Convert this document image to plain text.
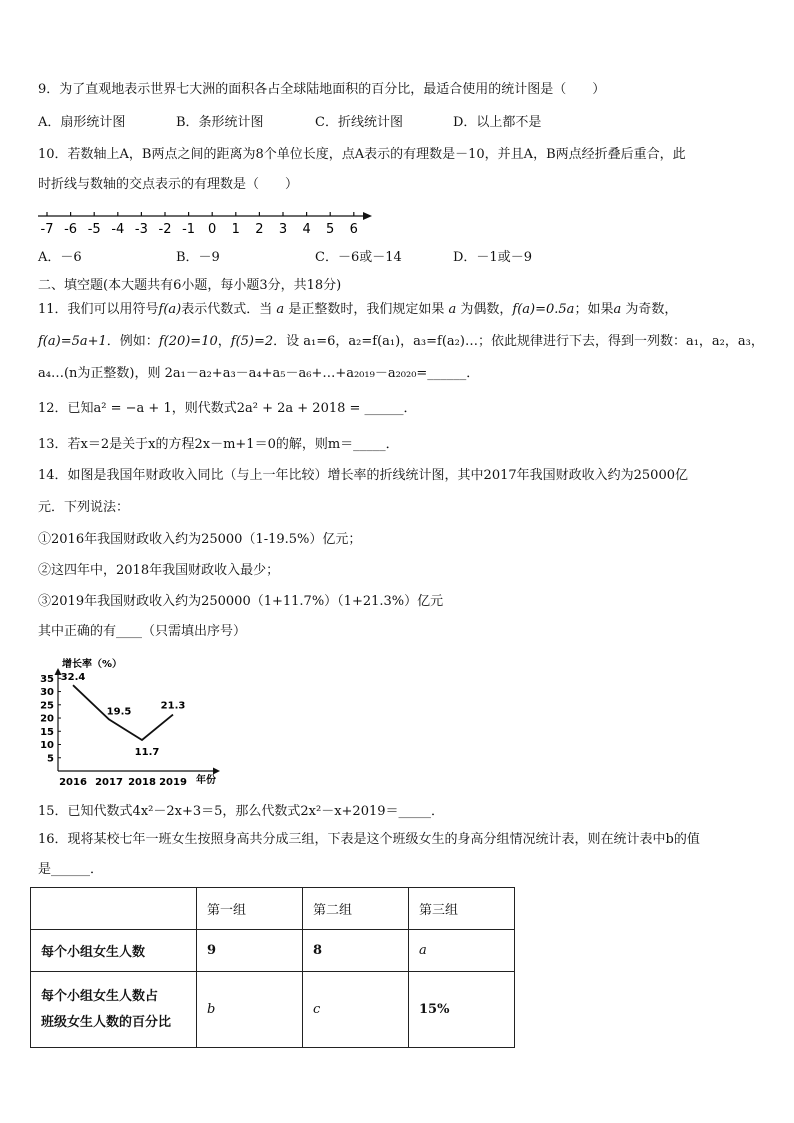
9．为了直观地表示世界七大洲的面积各占全球陆地面积的百分比，最适合使用的统计图是（　　）
A．扇形统计图	B．条形统计图	C．折线统计图	D．以上都不是
10．若数轴上A，B两点之间的距离为8个单位长度，点A表示的有理数是－10，并且A，B两点经折叠后重合，此
时折线与数轴的交点表示的有理数是（　　）
-7 -6 -5 -4 -3 -2 -1 0 1 2 3 4 5 6
A．－6	B．－9	C．－6或－14	D．－1或－9
二、填空题(本大题共有6小题，每小题3分，共18分)
11．我们可以用符号f(a)表示代数式．当 a 是正整数时，我们规定如果 a 为偶数，f(a)=0.5a；如果a 为奇数，
f(a)=5a+1．例如：f(20)=10，f(5)=2．设 a₁=6，a₂=f(a₁)，a₃=f(a₂)…；依此规律进行下去，得到一列数：a₁，a₂，a₃，
a₄…(n为正整数)，则 2a₁－a₂+a₃－a₄+a₅－a₆+…+a₂₀₁₉－a₂₀₂₀=______．
12．已知a² = −a + 1，则代数式2a² + 2a + 2018 = ______．
13．若x＝2是关于x的方程2x－m+1＝0的解，则m＝_____．
14．如图是我国年财政收入同比（与上一年比较）增长率的折线统计图，其中2017年我国财政收入约为25000亿
元．下列说法：
①2016年我国财政收入约为25000（1-19.5%）亿元；
②这四年中，2018年我国财政收入最少；
③2019年我国财政收入约为250000（1+11.7%）（1+21.3%）亿元
其中正确的有____（只需填出序号）
增长率（%）
年份
5
10
15
20
25
30
35
2016 2017 2018 2019
32.4
19.5
11.7
21.3
15．已知代数式4x²－2x+3＝5，那么代数式2x²－x+2019＝_____．
16．现将某校七年一班女生按照身高共分成三组，下表是这个班级女生的身高分组情况统计表，则在统计表中b的值
是______．
	第一组	第二组	第三组
每个小组女生人数	9	8	a

每个小组女生人数占
班级女生人数的百分比	b	c	15%
